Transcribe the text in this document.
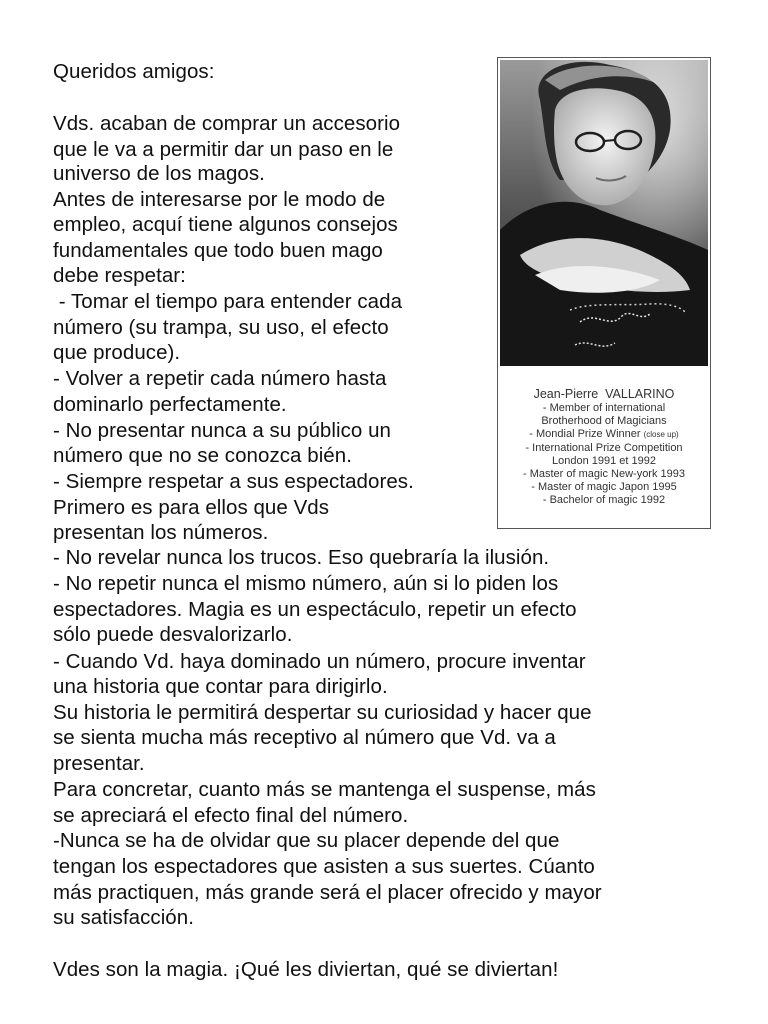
Queridos amigos:
Vds. acaban de comprar un accesorio
que le va a permitir dar un paso en le
universo de los magos.
Antes de interesarse por le modo de
empleo, acquí tiene algunos consejos
fundamentales que todo buen mago
debe respetar:
- Tomar el tiempo para entender cada
número (su trampa, su uso, el efecto
que produce).
- Volver a repetir cada número hasta
dominarlo perfectamente.
- No presentar nunca a su público un
número que no se conozca bién.
- Siempre respetar a sus espectadores.
Primero es para ellos que Vds
presentan los números.
- No revelar nunca los trucos. Eso quebraría la ilusión.
- No repetir nunca el mismo número, aún si lo piden los
espectadores. Magia es un espectáculo, repetir un efecto
sólo puede desvalorizarlo.
- Cuando Vd. haya dominado un número, procure inventar
una historia que contar para dirigirlo.
Su historia le permitirá despertar su curiosidad y hacer que
se sienta mucha más receptivo al número que Vd. va a
presentar.
Para concretar, cuanto más se mantenga el suspense, más
se apreciará el efecto final del número.
-Nunca se ha de olvidar que su placer depende del que
tengan los espectadores que asisten a sus suertes. Cúanto
más practiquen, más grande será el placer ofrecido y mayor
su satisfacción.
Vdes son la magia. ¡Qué les diviertan, qué se diviertan!
Jean-Pierre  VALLARINO
- Member of international
Brotherhood of Magicians
- Mondial Prize Winner (close up)
- International Prize Competition
London 1991 et 1992
- Master of magic New-york 1993
- Master of magic Japon 1995
- Bachelor of magic 1992
